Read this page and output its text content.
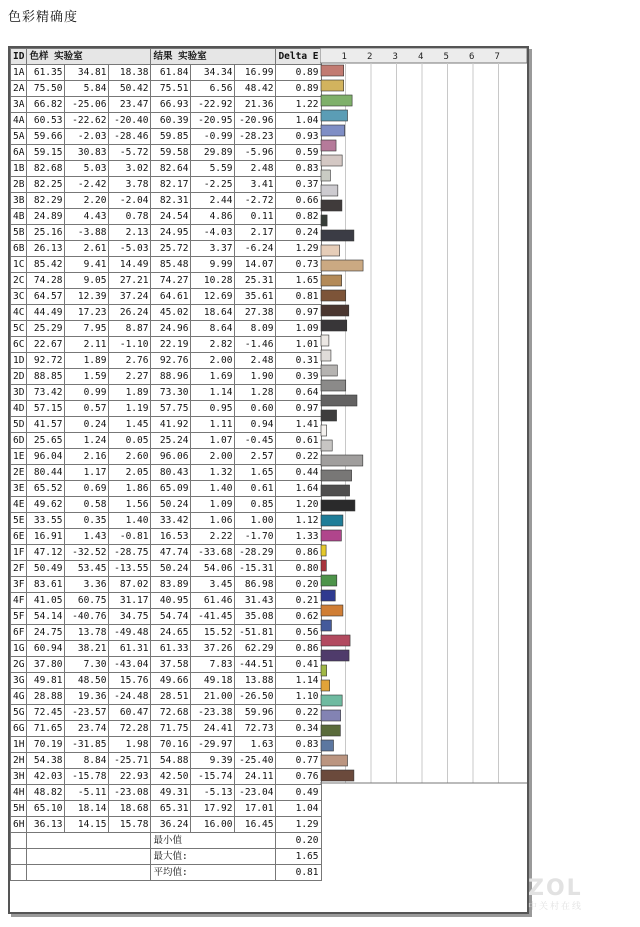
色彩精确度
ID	色样 实验室			结果 实验室			Delta E
1A	61.35	34.81	18.38	61.84	34.34	16.99	0.89
2A	75.50	5.84	50.42	75.51	6.56	48.42	0.89
3A	66.82	-25.06	23.47	66.93	-22.92	21.36	1.22
4A	60.53	-22.62	-20.40	60.39	-20.95	-20.96	1.04
5A	59.66	-2.03	-28.46	59.85	-0.99	-28.23	0.93
6A	59.15	30.83	-5.72	59.58	29.89	-5.96	0.59
1B	82.68	5.03	3.02	82.64	5.59	2.48	0.83
2B	82.25	-2.42	3.78	82.17	-2.25	3.41	0.37
3B	82.29	2.20	-2.04	82.31	2.44	-2.72	0.66
4B	24.89	4.43	0.78	24.54	4.86	0.11	0.82
5B	25.16	-3.88	2.13	24.95	-4.03	2.17	0.24
6B	26.13	2.61	-5.03	25.72	3.37	-6.24	1.29
1C	85.42	9.41	14.49	85.48	9.99	14.07	0.73
2C	74.28	9.05	27.21	74.27	10.28	25.31	1.65
3C	64.57	12.39	37.24	64.61	12.69	35.61	0.81
4C	44.49	17.23	26.24	45.02	18.64	27.38	0.97
5C	25.29	7.95	8.87	24.96	8.64	8.09	1.09
6C	22.67	2.11	-1.10	22.19	2.82	-1.46	1.01
1D	92.72	1.89	2.76	92.76	2.00	2.48	0.31
2D	88.85	1.59	2.27	88.96	1.69	1.90	0.39
3D	73.42	0.99	1.89	73.30	1.14	1.28	0.64
4D	57.15	0.57	1.19	57.75	0.95	0.60	0.97
5D	41.57	0.24	1.45	41.92	1.11	0.94	1.41
6D	25.65	1.24	0.05	25.24	1.07	-0.45	0.61
1E	96.04	2.16	2.60	96.06	2.00	2.57	0.22
2E	80.44	1.17	2.05	80.43	1.32	1.65	0.44
3E	65.52	0.69	1.86	65.09	1.40	0.61	1.64
4E	49.62	0.58	1.56	50.24	1.09	0.85	1.20
5E	33.55	0.35	1.40	33.42	1.06	1.00	1.12
6E	16.91	1.43	-0.81	16.53	2.22	-1.70	1.33
1F	47.12	-32.52	-28.75	47.74	-33.68	-28.29	0.86
2F	50.49	53.45	-13.55	50.24	54.06	-15.31	0.80
3F	83.61	3.36	87.02	83.89	3.45	86.98	0.20
4F	41.05	60.75	31.17	40.95	61.46	31.43	0.21
5F	54.14	-40.76	34.75	54.74	-41.45	35.08	0.62
6F	24.75	13.78	-49.48	24.65	15.52	-51.81	0.56
1G	60.94	38.21	61.31	61.33	37.26	62.29	0.86
2G	37.80	7.30	-43.04	37.58	7.83	-44.51	0.41
3G	49.81	48.50	15.76	49.66	49.18	13.88	1.14
4G	28.88	19.36	-24.48	28.51	21.00	-26.50	1.10
5G	72.45	-23.57	60.47	72.68	-23.38	59.96	0.22
6G	71.65	23.74	72.28	71.75	24.41	72.73	0.34
1H	70.19	-31.85	1.98	70.16	-29.97	1.63	0.83
2H	54.38	8.84	-25.71	54.88	9.39	-25.40	0.77
3H	42.03	-15.78	22.93	42.50	-15.74	24.11	0.76
4H	48.82	-5.11	-23.08	49.31	-5.13	-23.04	0.49
5H	65.10	18.14	18.68	65.31	17.92	17.01	1.04
6H	36.13	14.15	15.78	36.24	16.00	16.45	1.29
				最小值			0.20
				最大值:			1.65
				平均值:			0.81
1 2 3 4 5 6 7
ZOL
中关村在线
